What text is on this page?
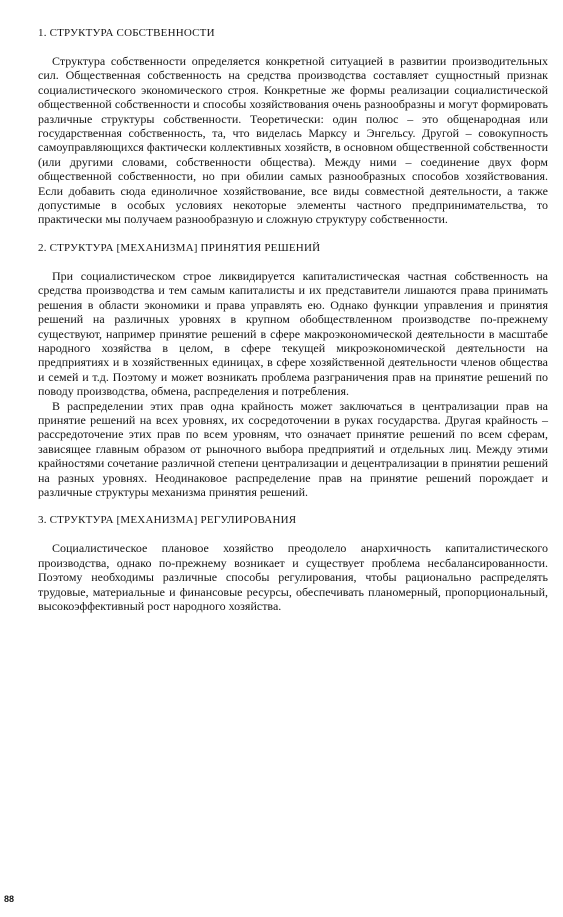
1. СТРУКТУРА СОБСТВЕННОСТИ

Структура собственности определяется конкретной ситуацией в развитии производительных сил. Общественная собственность на средства производства составляет сущностный признак социалистического экономического строя. Конкретные же формы реализации социалистической общественной собственности и способы хозяйствования очень разнообразны и могут формировать различные структуры собственности. Теоретически: один полюс – это общенародная или государственная собственность, та, что виделась Марксу и Энгельсу. Другой – совокупность самоуправляющихся фактически коллективных хозяйств, в основном общественной собственности (или другими словами, собственности общества). Между ними – соединение двух форм общественной собственности, но при обилии самых разнообразных способов хозяйствования. Если добавить сюда единоличное хозяйствование, все виды совместной деятельности, а также допустимые в особых условиях некоторые элементы частного предпринимательства, то практически мы получаем разнообразную и сложную структуру собственности.

2. СТРУКТУРА [МЕХАНИЗМА] ПРИНЯТИЯ РЕШЕНИЙ

При социалистическом строе ликвидируется капиталистическая частная собственность на средства производства и тем самым капиталисты и их представители лишаются права принимать решения в области экономики и права управлять ею. Однако функции управления и принятия решений на различных уровнях в крупном обобществленном производстве по-прежнему существуют, например принятие решений в сфере макроэкономической деятельности в масштабе народного хозяйства в целом, в сфере текущей микроэкономической деятельности на предприятиях и в хозяйственных единицах, в сфере хозяйственной деятельности членов общества и семей и т.д. Поэтому и может возникать проблема разграничения прав на принятие решений по поводу производства, обмена, распределения и потребления.

В распределении этих прав одна крайность может заключаться в централизации прав на принятие решений на всех уровнях, их сосредоточении в руках государства. Другая крайность – рассредоточение этих прав по всем уровням, что означает принятие решений по всем сферам, зависящее главным образом от рыночного выбора предприятий и отдельных лиц. Между этими крайностями сочетание различной степени централизации и децентрализации в принятии решений на разных уровнях. Неодинаковое распределение прав на принятие решений порождает и различные структуры механизма принятия решений.

3. СТРУКТУРА [МЕХАНИЗМА] РЕГУЛИРОВАНИЯ

Социалистическое плановое хозяйство преодолело анархичность капиталистического производства, однако по-прежнему возникает и существует проблема несбалансированности. Поэтому необходимы различные способы регулирования, чтобы рационально распределять трудовые, материальные и финансовые ресурсы, обеспечивать планомерный, пропорциональный, высокоэффективный рост народного хозяйства.

88
